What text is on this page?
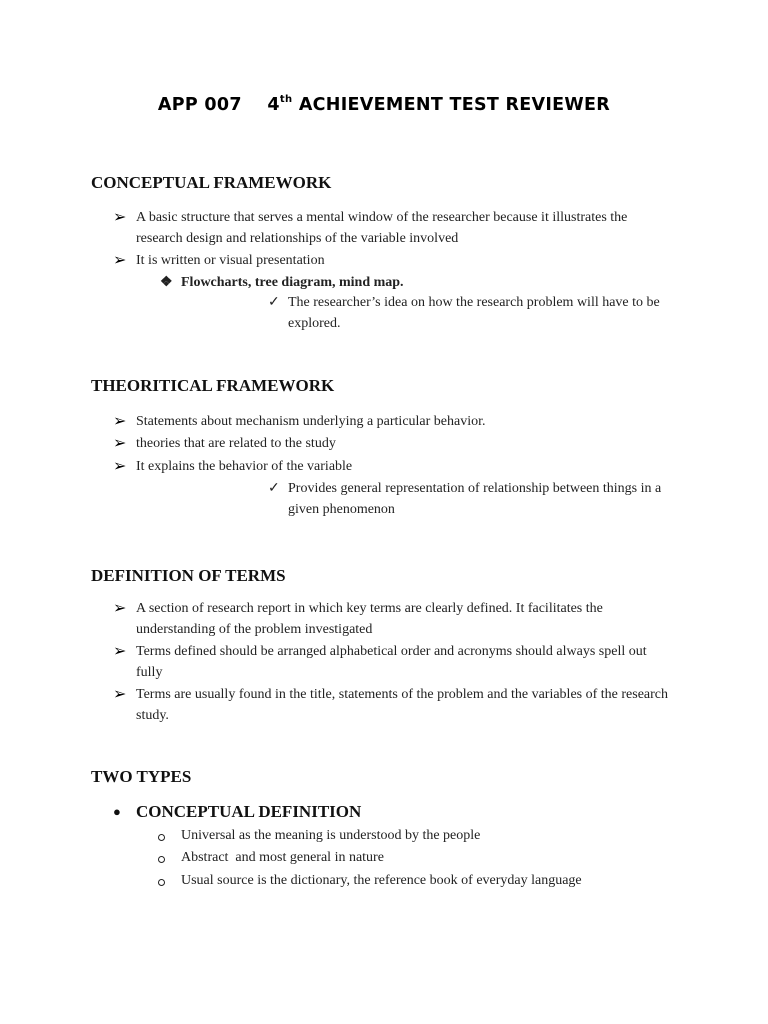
APP 007 4th ACHIEVEMENT TEST REVIEWER
CONCEPTUAL FRAMEWORK
➢ A basic structure that serves a mental window of the researcher because it illustrates the research design and relationships of the variable involved
➢ It is written or visual presentation
❖ Flowcharts, tree diagram, mind map.
✓ The researcher’s idea on how the research problem will have to be explored.
THEORITICAL FRAMEWORK
➢ Statements about mechanism underlying a particular behavior.
➢ theories that are related to the study
➢ It explains the behavior of the variable
✓ Provides general representation of relationship between things in a given phenomenon
DEFINITION OF TERMS
➢ A section of research report in which key terms are clearly defined. It facilitates the understanding of the problem investigated
➢ Terms defined should be arranged alphabetical order and acronyms should always spell out fully
➢ Terms are usually found in the title, statements of the problem and the variables of the research study.
TWO TYPES
● CONCEPTUAL DEFINITION
Universal as the meaning is understood by the people
Abstract  and most general in nature
Usual source is the dictionary, the reference book of everyday language
